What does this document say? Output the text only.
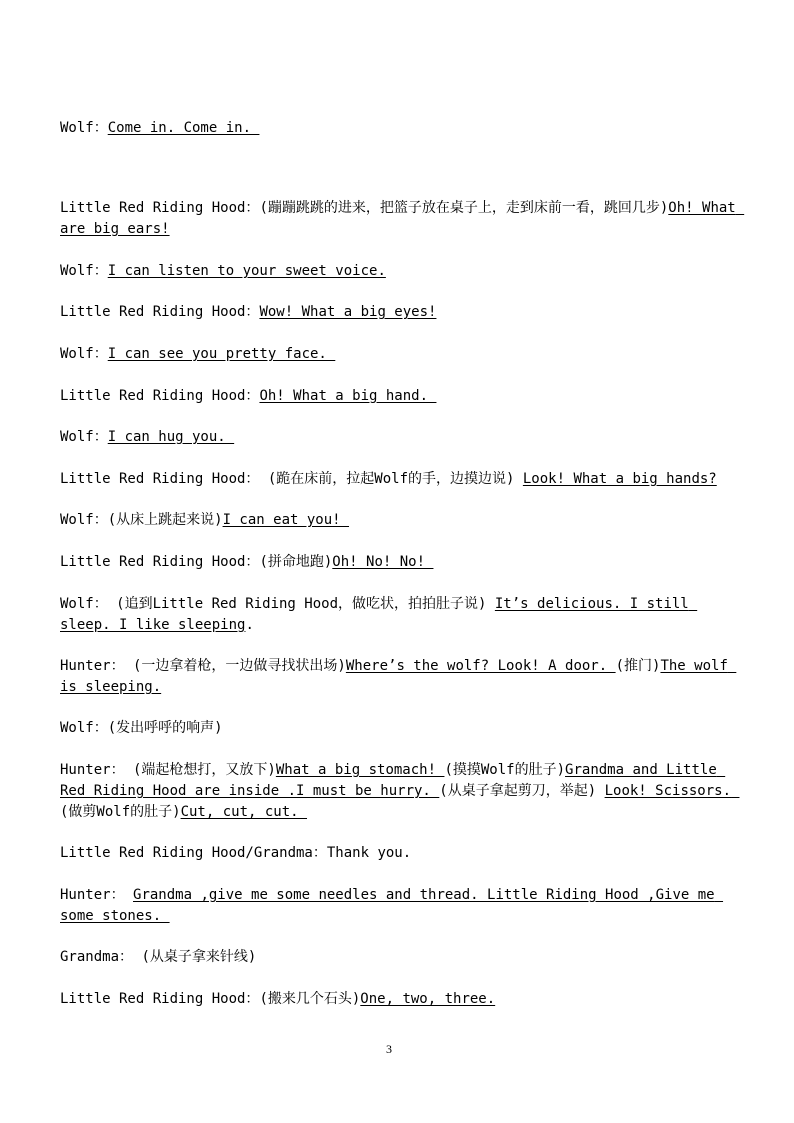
Wolf：Come in. Come in.
Little Red Riding Hood：(蹦蹦跳跳的进来，把篮子放在桌子上，走到床前一看，跳回几步)Oh! What are big ears!
Wolf：I can listen to your sweet voice.
Little Red Riding Hood：Wow! What a big eyes!
Wolf：I can see you pretty face.
Little Red Riding Hood：Oh! What a big hand.
Wolf：I can hug you.
Little Red Riding Hood： (跪在床前，拉起Wolf的手，边摸边说) Look! What a big hands?
Wolf：(从床上跳起来说)I can eat you!
Little Red Riding Hood：(拼命地跑)Oh! No! No!
Wolf： (追到Little Red Riding Hood，做吃状，拍拍肚子说) It’s delicious. I still sleep. I like sleeping.
Hunter： (一边拿着枪，一边做寻找状出场)Where’s the wolf? Look! A door. (推门)The wolf is sleeping.
Wolf：(发出呼呼的响声)
Hunter： (端起枪想打，又放下)What a big stomach! (摸摸Wolf的肚子)Grandma and Little Red Riding Hood are inside .I must be hurry. (从桌子拿起剪刀，举起) Look! Scissors. (做剪Wolf的肚子)Cut, cut, cut.
Little Red Riding Hood/Grandma：Thank you.
Hunter： Grandma ,give me some needles and thread. Little Riding Hood ,Give me some stones.
Grandma： (从桌子拿来针线)
Little Red Riding Hood：(搬来几个石头)One, two, three.
3
